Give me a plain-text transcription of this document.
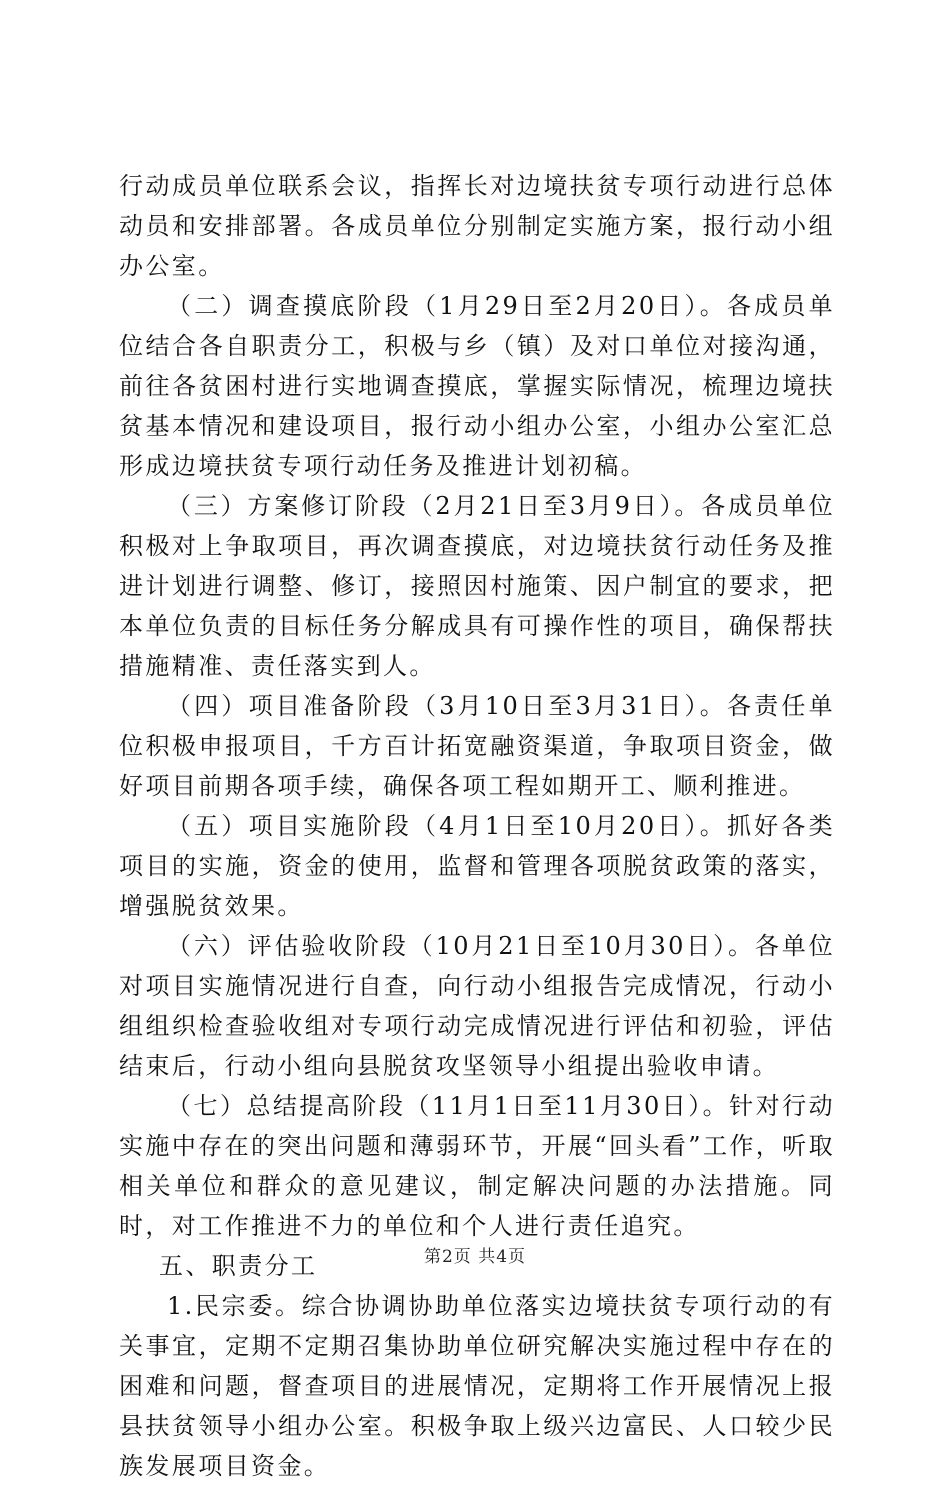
行动成员单位联系会议，指挥长对边境扶贫专项行动进行总体动员和安排部署。各成员单位分别制定实施方案，报行动小组办公室。

（二）调查摸底阶段（1月29日至2月20日）。各成员单位结合各自职责分工，积极与乡（镇）及对口单位对接沟通，前往各贫困村进行实地调查摸底，掌握实际情况，梳理边境扶贫基本情况和建设项目，报行动小组办公室，小组办公室汇总形成边境扶贫专项行动任务及推进计划初稿。

（三）方案修订阶段（2月21日至3月9日）。各成员单位积极对上争取项目，再次调查摸底，对边境扶贫行动任务及推进计划进行调整、修订，接照因村施策、因户制宜的要求，把本单位负责的目标任务分解成具有可操作性的项目，确保帮扶措施精准、责任落实到人。

（四）项目准备阶段（3月10日至3月31日）。各责任单位积极申报项目，千方百计拓宽融资渠道，争取项目资金，做好项目前期各项手续，确保各项工程如期开工、顺利推进。

（五）项目实施阶段（4月1日至10月20日）。抓好各类项目的实施，资金的使用，监督和管理各项脱贫政策的落实，增强脱贫效果。

（六）评估验收阶段（10月21日至10月30日）。各单位对项目实施情况进行自查，向行动小组报告完成情况，行动小组组织检查验收组对专项行动完成情况进行评估和初验，评估结束后，行动小组向县脱贫攻坚领导小组提出验收申请。

（七）总结提高阶段（11月1日至11月30日）。针对行动实施中存在的突出问题和薄弱环节，开展“回头看”工作，听取相关单位和群众的意见建议，制定解决问题的办法措施。同时，对工作推进不力的单位和个人进行责任追究。

五、职责分工

1.民宗委。综合协调协助单位落实边境扶贫专项行动的有关事宜，定期不定期召集协助单位研究解决实施过程中存在的困难和问题，督查项目的进展情况，定期将工作开展情况上报县扶贫领导小组办公室。积极争取上级兴边富民、人口较少民族发展项目资金。

第2页 共4页
